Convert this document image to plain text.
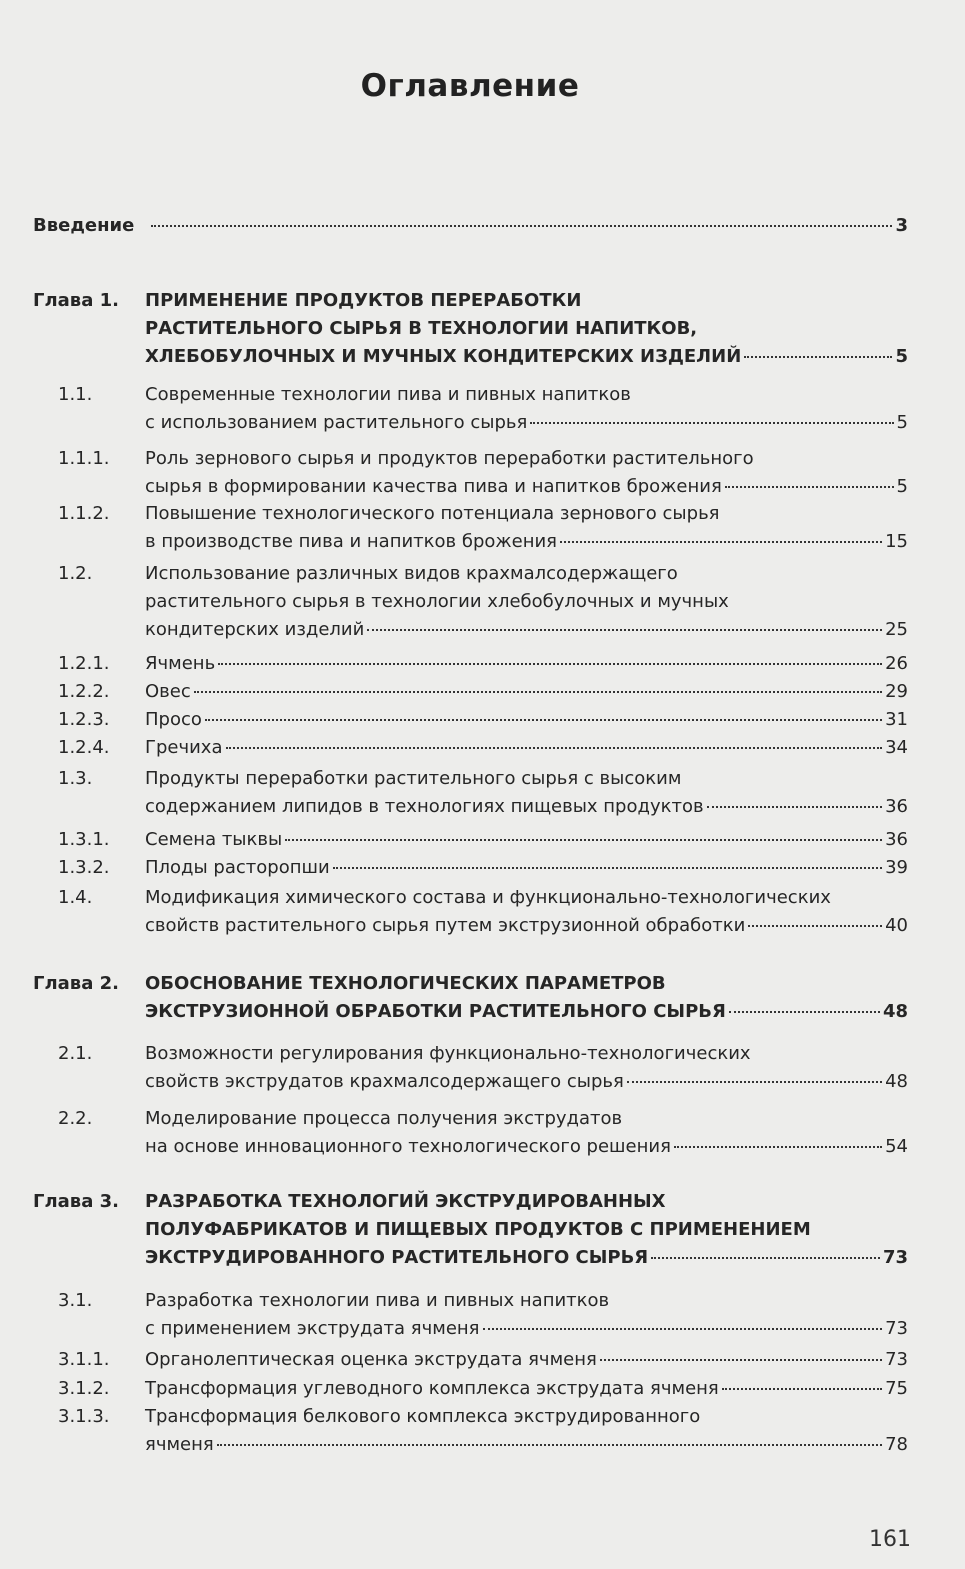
Оглавление
Введение	3
Глава 1. ПРИМЕНЕНИЕ ПРОДУКТОВ ПЕРЕРАБОТКИ
РАСТИТЕЛЬНОГО СЫРЬЯ В ТЕХНОЛОГИИ НАПИТКОВ,
ХЛЕБОБУЛОЧНЫХ И МУЧНЫХ КОНДИТЕРСКИХ ИЗДЕЛИЙ	5
1.1.	Современные технологии пива и пивных напитков
с использованием растительного сырья	5
1.1.1. Роль зернового сырья и продуктов переработки растительного
сырья в формировании качества пива и напитков брожения	5
1.1.2. Повышение технологического потенциала зернового сырья
в производстве пива и напитков брожения	15
1.2.	Использование различных видов крахмалсодержащего
растительного сырья в технологии хлебобулочных и мучных
кондитерских изделий	25
1.2.1. Ячмень	26
1.2.2. Овес	29
1.2.3. Просо	31
1.2.4. Гречиха	34
1.3.	Продукты переработки растительного сырья с высоким
содержанием липидов в технологиях пищевых продуктов	36
1.3.1. Семена тыквы	36
1.3.2. Плоды расторопши	39
1.4.	Модификация химического состава и функционально-технологических
свойств растительного сырья путем экструзионной обработки	40
Глава 2. ОБОСНОВАНИЕ ТЕХНОЛОГИЧЕСКИХ ПАРАМЕТРОВ
ЭКСТРУЗИОННОЙ ОБРАБОТКИ РАСТИТЕЛЬНОГО СЫРЬЯ	48
2.1.	Возможности регулирования функционально-технологических
свойств экструдатов крахмалсодержащего сырья	48
2.2.	Моделирование процесса получения экструдатов
на основе инновационного технологического решения	54
Глава 3. РАЗРАБОТКА ТЕХНОЛОГИЙ ЭКСТРУДИРОВАННЫХ
ПОЛУФАБРИКАТОВ И ПИЩЕВЫХ ПРОДУКТОВ С ПРИМЕНЕНИЕМ
ЭКСТРУДИРОВАННОГО РАСТИТЕЛЬНОГО СЫРЬЯ	73
3.1.	Разработка технологии пива и пивных напитков
с применением экструдата ячменя	73
3.1.1. Органолептическая оценка экструдата ячменя	73
3.1.2. Трансформация углеводного комплекса экструдата ячменя	75
3.1.3. Трансформация белкового комплекса экструдированного
ячменя	78
161
